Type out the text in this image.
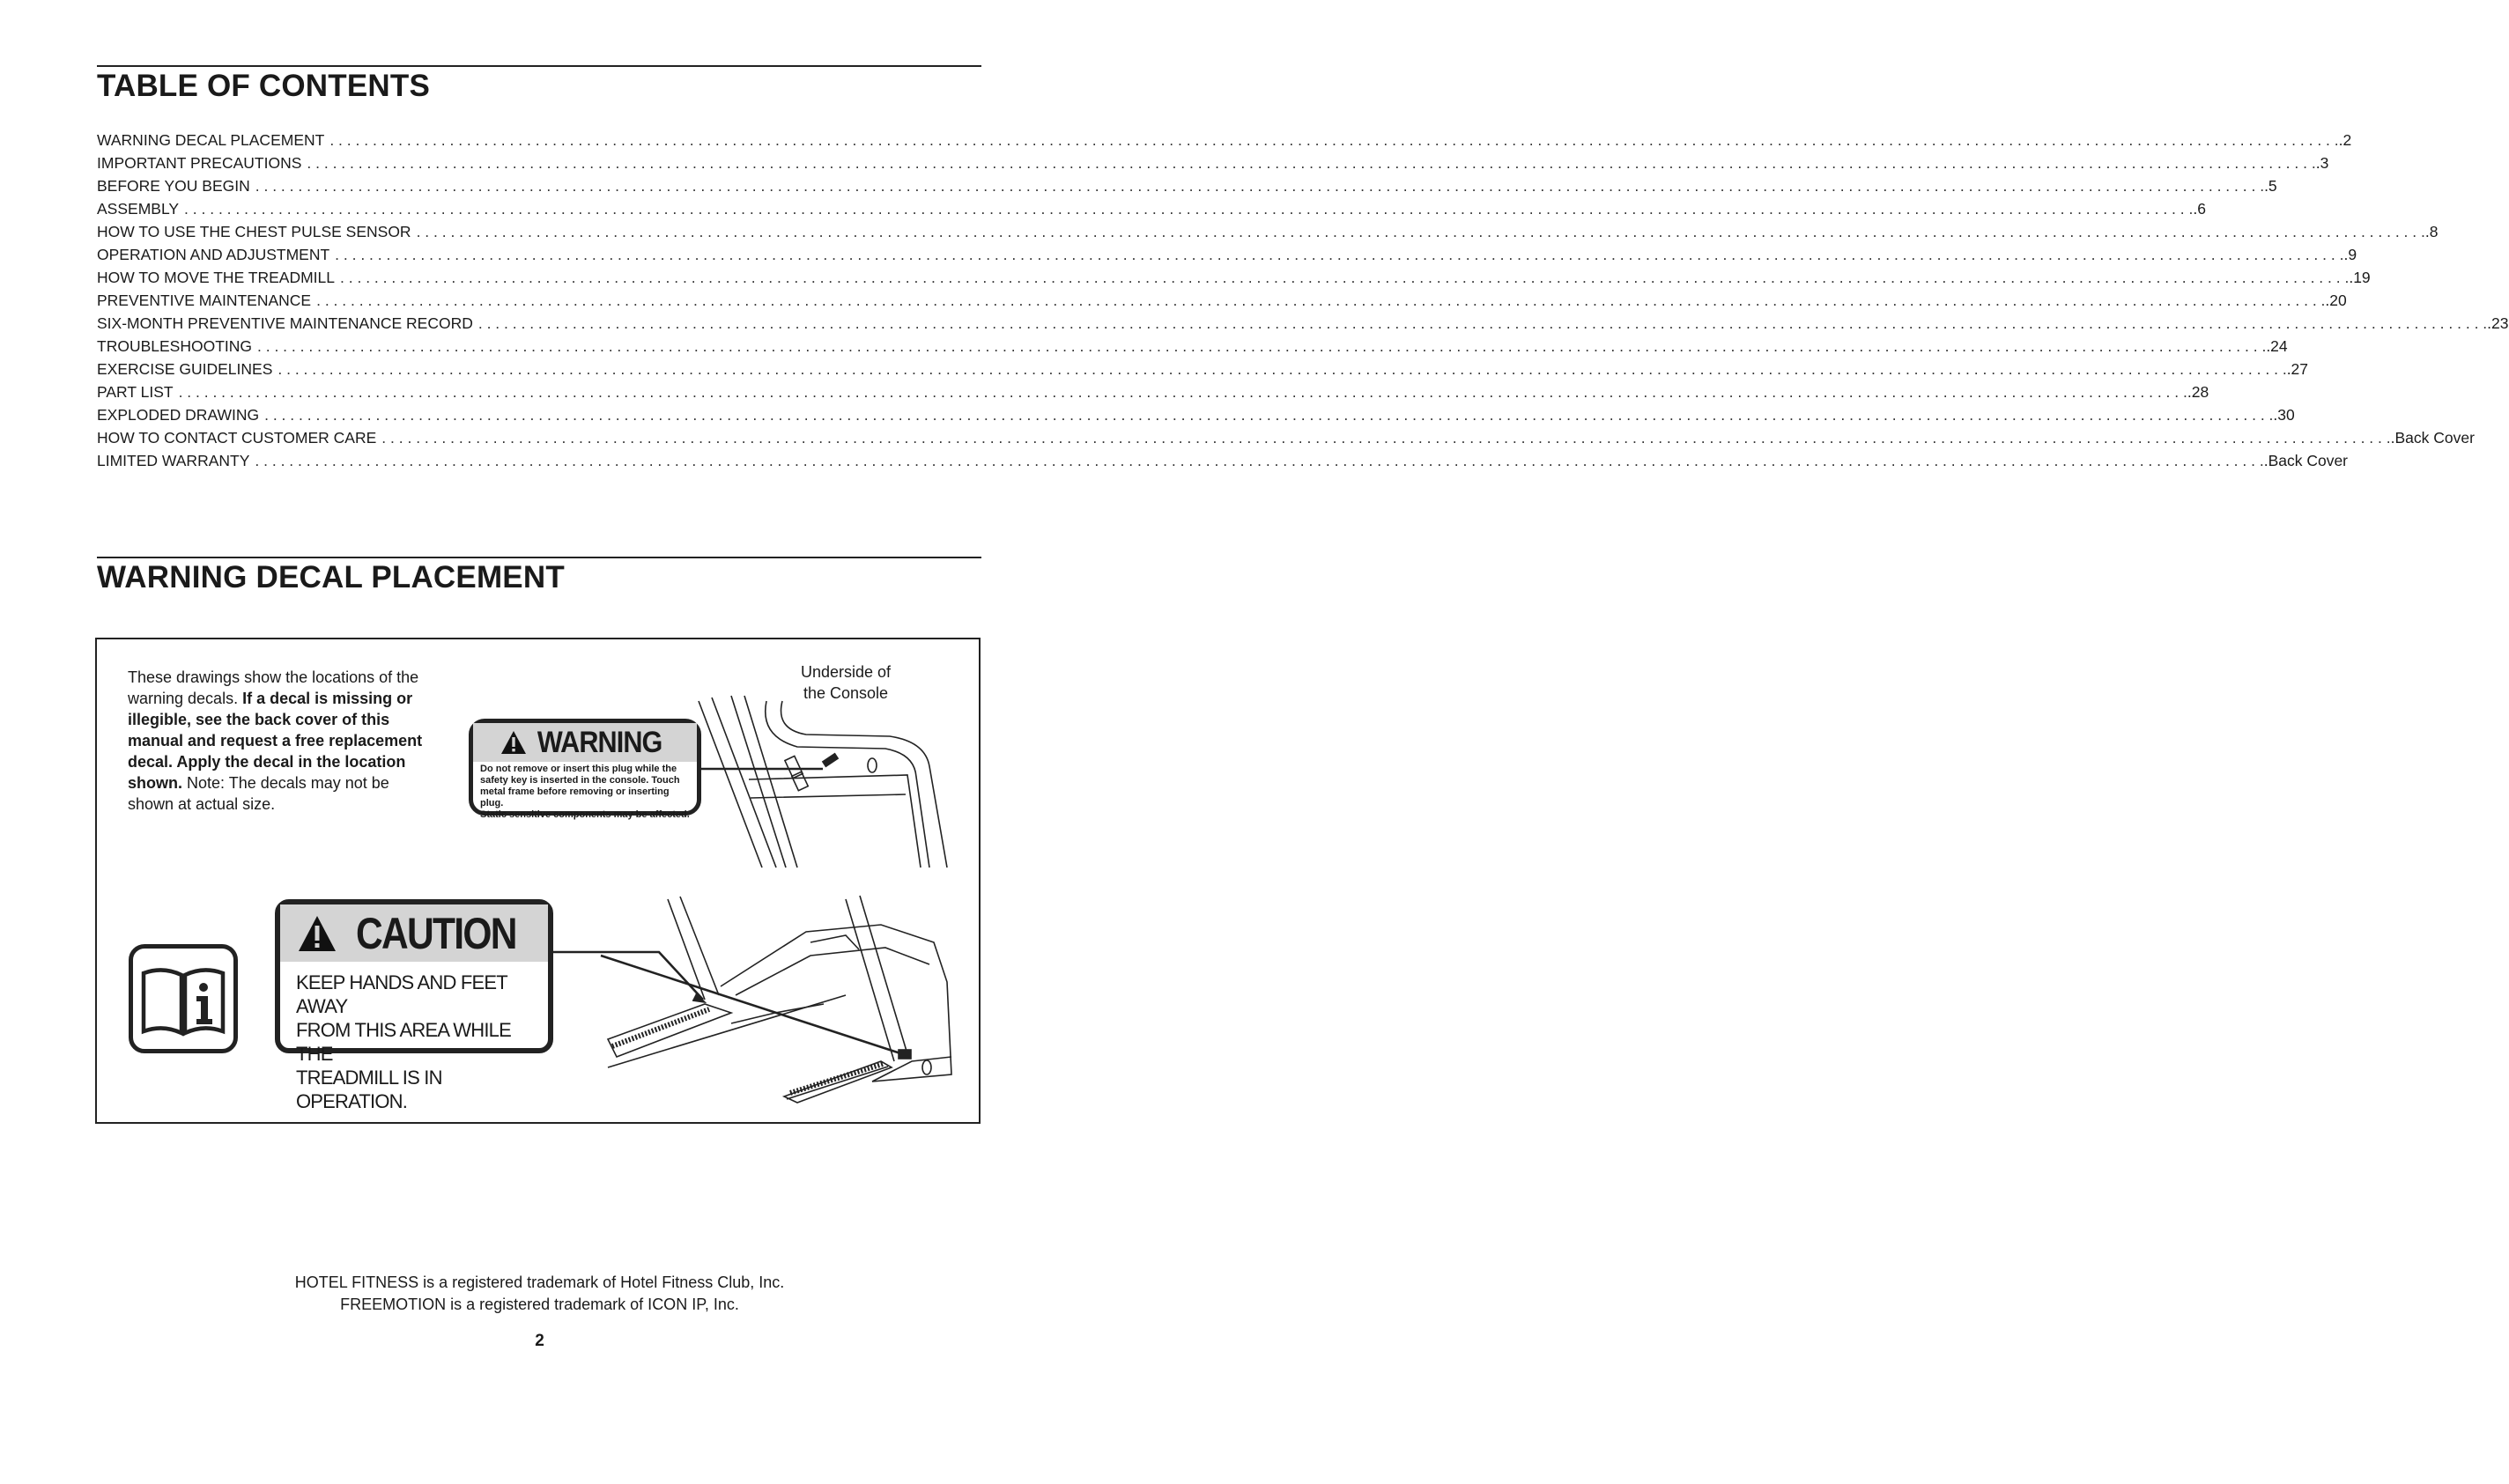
TABLE OF CONTENTS
WARNING DECAL PLACEMENT . . .	.2
IMPORTANT PRECAUTIONS . . .	.3
BEFORE YOU BEGIN . . .	.5
ASSEMBLY . . .	.6
HOW TO USE THE CHEST PULSE SENSOR . . .	.8
OPERATION AND ADJUSTMENT . . .	.9
HOW TO MOVE THE TREADMILL . . .	.19
PREVENTIVE MAINTENANCE . . .	.20
SIX-MONTH PREVENTIVE MAINTENANCE RECORD . . .	.23
TROUBLESHOOTING . . .	.24
EXERCISE GUIDELINES . . .	.27
PART LIST . . .	.28
EXPLODED DRAWING . . .	.30
HOW TO CONTACT CUSTOMER CARE . . .	.Back Cover
LIMITED WARRANTY . . .	.Back Cover
WARNING DECAL PLACEMENT

These drawings show the locations of the warning decals. If a decal is missing or illegible, see the back cover of this manual and request a free replacement decal. Apply the decal in the location shown. Note: The decals may not be shown at actual size.

Underside of
the Console
WARNING
Do not remove or insert this plug while the
safety key is inserted in the console. Touch
metal frame before removing or inserting plug.
Static sensitive components may be affected.
CAUTION
KEEP HANDS AND FEET AWAY
FROM THIS AREA WHILE THE
TREADMILL IS IN OPERATION.
HOTEL FITNESS is a registered trademark of Hotel Fitness Club, Inc.
FREEMOTION is a registered trademark of ICON IP, Inc.
2
